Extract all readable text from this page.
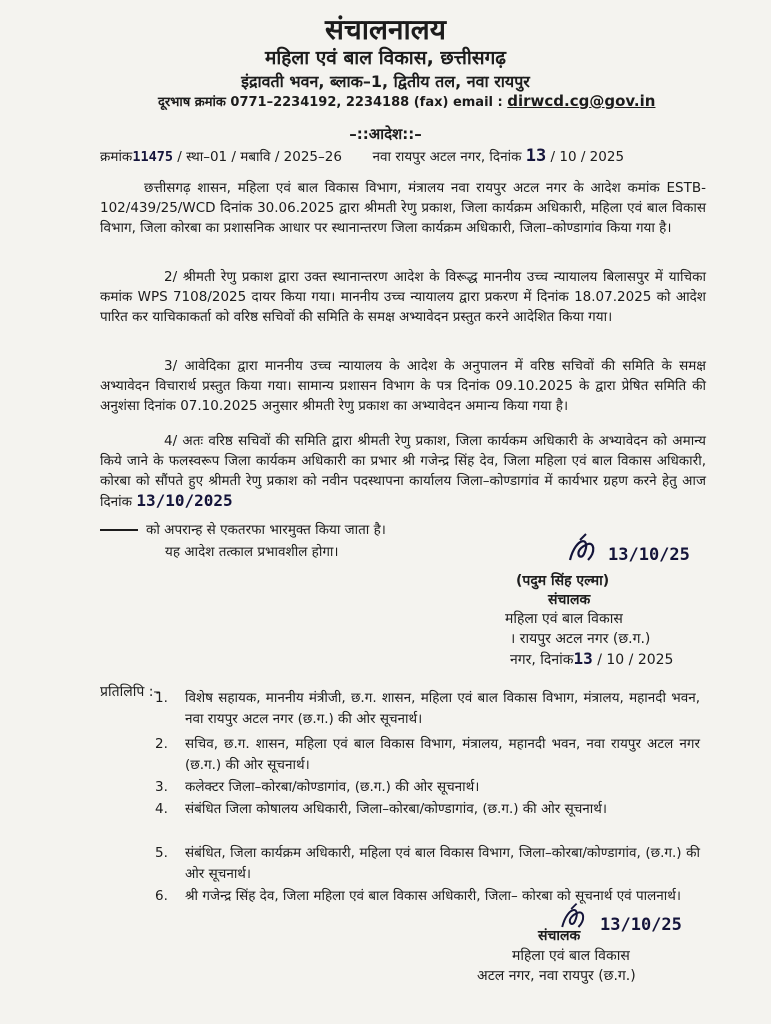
संचालनालय
महिला एवं बाल विकास, छत्तीसगढ़
इंद्रावती भवन, ब्लाक–1, द्वितीय तल, नवा रायपुर
दूरभाष क्रमांक 0771–2234192, 2234188 (fax) email : dirwcd.cg@gov.in
–::आदेश::–
क्रमांक11475 / स्था–01 / मबावि / 2025–26 नवा रायपुर अटल नगर, दिनांक 13 / 10 / 2025
छत्तीसगढ़ शासन, महिला एवं बाल विकास विभाग, मंत्रालय नवा रायपुर अटल नगर के आदेश कमांक ESTB-102/439/25/WCD दिनांक 30.06.2025 द्वारा श्रीमती रेणु प्रकाश, जिला कार्यक्रम अधिकारी, महिला एवं बाल विकास विभाग, जिला कोरबा का प्रशासनिक आधार पर स्थानान्तरण जिला कार्यक्रम अधिकारी, जिला–कोण्डागांव किया गया है।
2/ श्रीमती रेणु प्रकाश द्वारा उक्त स्थानान्तरण आदेश के विरूद्ध माननीय उच्च न्यायालय बिलासपुर में याचिका कमांक WPS 7108/2025 दायर किया गया। माननीय उच्च न्यायालय द्वारा प्रकरण में दिनांक 18.07.2025 को आदेश पारित कर याचिकाकर्ता को वरिष्ठ सचिवों की समिति के समक्ष अभ्यावेदन प्रस्तुत करने आदेशित किया गया।
3/ आवेदिका द्वारा माननीय उच्च न्यायालय के आदेश के अनुपालन में वरिष्ठ सचिवों की समिति के समक्ष अभ्यावेदन विचारार्थ प्रस्तुत किया गया। सामान्य प्रशासन विभाग के पत्र दिनांक 09.10.2025 के द्वारा प्रेषित समिति की अनुशंसा दिनांक 07.10.2025 अनुसार श्रीमती रेणु प्रकाश का अभ्यावेदन अमान्य किया गया है।
4/ अतः वरिष्ठ सचिवों की समिति द्वारा श्रीमती रेणु प्रकाश, जिला कार्यकम अधिकारी के अभ्यावेदन को अमान्य किये जाने के फलस्वरूप जिला कार्यकम अधिकारी का प्रभार श्री गजेन्द्र सिंह देव, जिला महिला एवं बाल विकास अधिकारी, कोरबा को सौंपते हुए श्रीमती रेणु प्रकाश को नवीन पदस्थापना कार्यालय जिला–कोण्डागांव में कार्यभार ग्रहण करने हेतु आज दिनांक 13/10/2025
को अपरान्ह से एकतरफा भारमुक्त किया जाता है।
यह आदेश तत्काल प्रभावशील होगा।	13/10/25
(पदुम सिंह एल्मा)
संचालक
महिला एवं बाल विकास
। रायपुर अटल नगर (छ.ग.)
नगर, दिनांक13 / 10 / 2025
प्रतिलिपि :–
1.	विशेष सहायक, माननीय मंत्रीजी, छ.ग. शासन, महिला एवं बाल विकास विभाग, मंत्रालय, महानदी भवन, नवा रायपुर अटल नगर (छ.ग.) की ओर सूचनार्थ।
2.	सचिव, छ.ग. शासन, महिला एवं बाल विकास विभाग, मंत्रालय, महानदी भवन, नवा रायपुर अटल नगर (छ.ग.) की ओर सूचनार्थ।
3.	कलेक्टर जिला–कोरबा/कोण्डागांव, (छ.ग.) की ओर सूचनार्थ।
4.	संबंधित जिला कोषालय अधिकारी, जिला–कोरबा/कोण्डागांव, (छ.ग.) की ओर सूचनार्थ।
5.	संबंधित, जिला कार्यक्रम अधिकारी, महिला एवं बाल विकास विभाग, जिला–कोरबा/कोण्डागांव, (छ.ग.) की ओर सूचनार्थ।
6.	श्री गजेन्द्र सिंह देव, जिला महिला एवं बाल विकास अधिकारी, जिला– कोरबा को सूचनार्थ एवं पालनार्थ।
13/10/25
संचालक
महिला एवं बाल विकास
अटल नगर, नवा रायपुर (छ.ग.)
